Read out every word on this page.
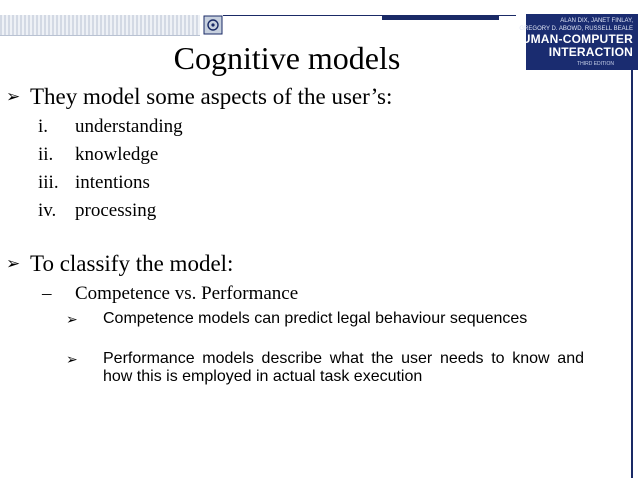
ALAN DIX, JANET FINLAY,
GREGORY D. ABOWD, RUSSELL BEALE
HUMAN-COMPUTER
INTERACTION
THIRD EDITION
Cognitive models
➢ They model some aspects of the user’s:
i. understanding
ii. knowledge
iii. intentions
iv. processing
➢ To classify the model:
– Competence vs. Performance
➢ Competence models can predict legal behaviour sequences
➢ Performance models describe what the user needs to know and how this is employed in actual task execution
